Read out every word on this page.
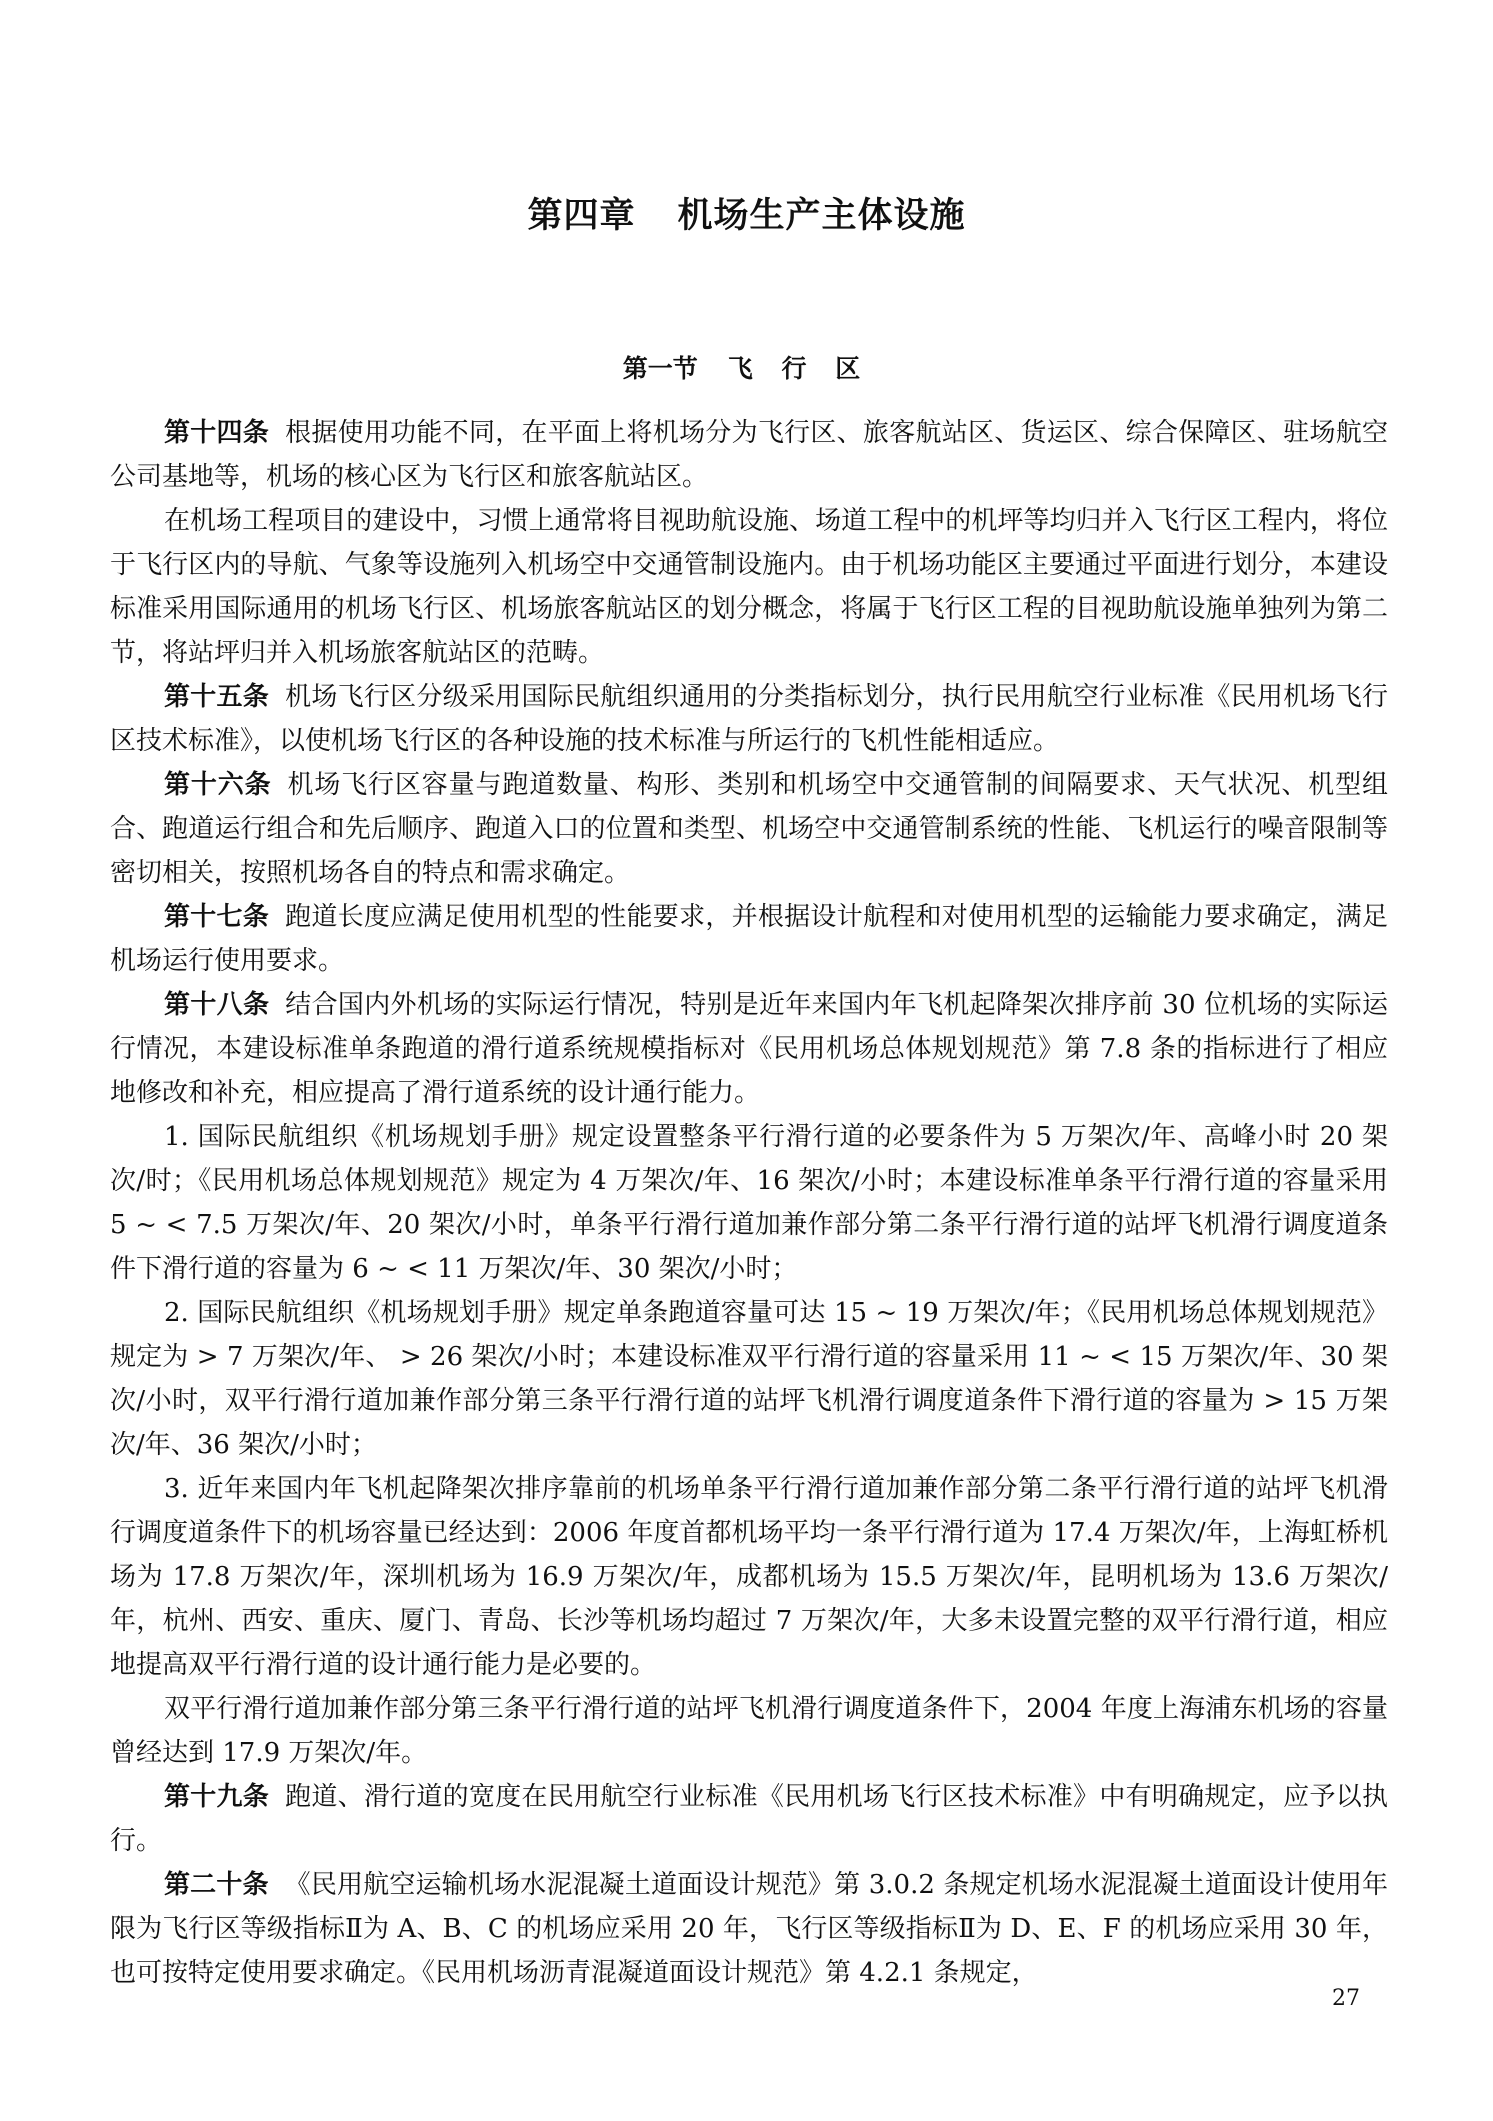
第四章 机场生产主体设施
第一节 飞 行 区

第十四条 根据使用功能不同，在平面上将机场分为飞行区、旅客航站区、货运区、综合保障区、驻场航空公司基地等，机场的核心区为飞行区和旅客航站区。

在机场工程项目的建设中，习惯上通常将目视助航设施、场道工程中的机坪等均归并入飞行区工程内，将位于飞行区内的导航、气象等设施列入机场空中交通管制设施内。由于机场功能区主要通过平面进行划分，本建设标准采用国际通用的机场飞行区、机场旅客航站区的划分概念，将属于飞行区工程的目视助航设施单独列为第二节，将站坪归并入机场旅客航站区的范畴。

第十五条 机场飞行区分级采用国际民航组织通用的分类指标划分，执行民用航空行业标准《民用机场飞行区技术标准》，以使机场飞行区的各种设施的技术标准与所运行的飞机性能相适应。

第十六条 机场飞行区容量与跑道数量、构形、类别和机场空中交通管制的间隔要求、天气状况、机型组合、跑道运行组合和先后顺序、跑道入口的位置和类型、机场空中交通管制系统的性能、飞机运行的噪音限制等密切相关，按照机场各自的特点和需求确定。

第十七条 跑道长度应满足使用机型的性能要求，并根据设计航程和对使用机型的运输能力要求确定，满足机场运行使用要求。

第十八条 结合国内外机场的实际运行情况，特别是近年来国内年飞机起降架次排序前 30 位机场的实际运行情况，本建设标准单条跑道的滑行道系统规模指标对《民用机场总体规划规范》第 7.8 条的指标进行了相应地修改和补充，相应提高了滑行道系统的设计通行能力。

1. 国际民航组织《机场规划手册》规定设置整条平行滑行道的必要条件为 5 万架次/年、高峰小时 20 架次/时；《民用机场总体规划规范》规定为 4 万架次/年、16 架次/小时；本建设标准单条平行滑行道的容量采用 5 ~ < 7.5 万架次/年、20 架次/小时，单条平行滑行道加兼作部分第二条平行滑行道的站坪飞机滑行调度道条件下滑行道的容量为 6 ~ < 11 万架次/年、30 架次/小时；

2. 国际民航组织《机场规划手册》规定单条跑道容量可达 15 ~ 19 万架次/年；《民用机场总体规划规范》规定为 > 7 万架次/年、 > 26 架次/小时；本建设标准双平行滑行道的容量采用 11 ~ < 15 万架次/年、30 架次/小时，双平行滑行道加兼作部分第三条平行滑行道的站坪飞机滑行调度道条件下滑行道的容量为 > 15 万架次/年、36 架次/小时；

3. 近年来国内年飞机起降架次排序靠前的机场单条平行滑行道加兼作部分第二条平行滑行道的站坪飞机滑行调度道条件下的机场容量已经达到：2006 年度首都机场平均一条平行滑行道为 17.4 万架次/年，上海虹桥机场为 17.8 万架次/年，深圳机场为 16.9 万架次/年，成都机场为 15.5 万架次/年，昆明机场为 13.6 万架次/年，杭州、西安、重庆、厦门、青岛、长沙等机场均超过 7 万架次/年，大多未设置完整的双平行滑行道，相应地提高双平行滑行道的设计通行能力是必要的。

双平行滑行道加兼作部分第三条平行滑行道的站坪飞机滑行调度道条件下，2004 年度上海浦东机场的容量曾经达到 17.9 万架次/年。

第十九条 跑道、滑行道的宽度在民用航空行业标准《民用机场飞行区技术标准》中有明确规定，应予以执行。

第二十条 《民用航空运输机场水泥混凝土道面设计规范》第 3.0.2 条规定机场水泥混凝土道面设计使用年限为飞行区等级指标Ⅱ为 A、B、C 的机场应采用 20 年，飞行区等级指标Ⅱ为 D、E、F 的机场应采用 30 年，也可按特定使用要求确定。《民用机场沥青混凝道面设计规范》第 4.2.1 条规定，

27
